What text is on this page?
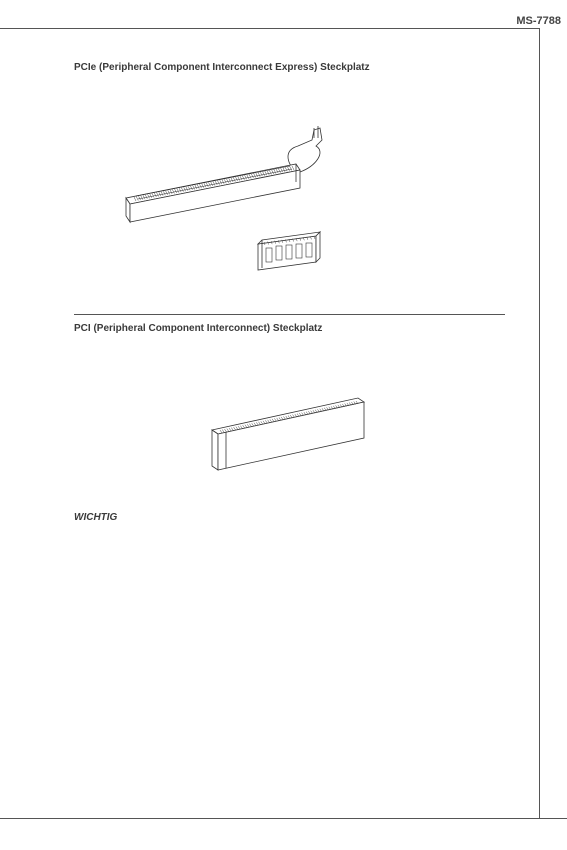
MS-7788
PCIe (Peripheral Component Interconnect Express) Steckplatz
PCI (Peripheral Component Interconnect) Steckplatz
WICHTIG
